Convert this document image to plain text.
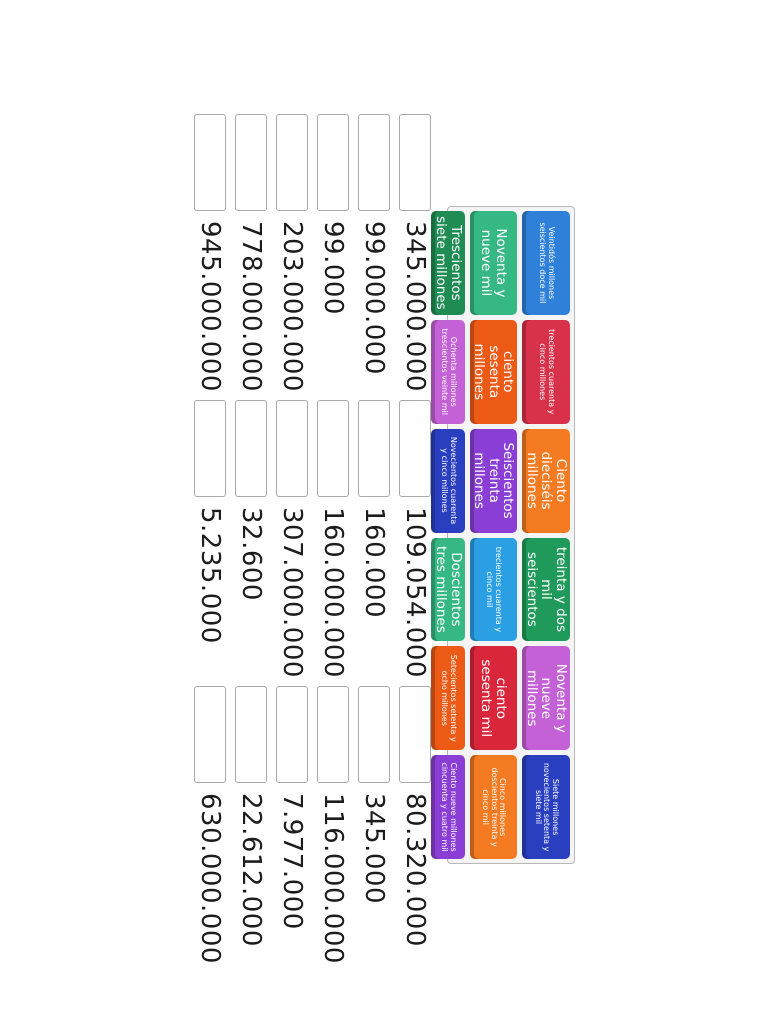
Veintidós millones seiscientos doce mil
trecientos cuarenta y cinco millones
Ciento dieciséis millones
treinta y dos mil seiscientos
Noventa y nueve millones
Siete millones novecientos setenta y siete mil
Noventa y nueve mil
ciento sesenta millones
Seiscientos treinta millones
trecientos cuarenta y cinco mil
ciento sesenta mil
Cinco millones doscientos treinta y cinco mil
Trescientos siete millones
Ochenta millones trescientos veinte mil
Novecientos cuarenta y cinco millones
Doscientos tres millones
Setecientos setenta y ocho millones
Ciento nueve millones cincuenta y cuatro mil
345.000.000
99.000.000
99.000
203.000.000
778.000.000
945.000.000
109.054.000
160.000
160.000.000
307.000.000
32.600
5.235.000
80.320.000
345.000
116.000.000
7.977.000
22.612.000
630.000.000
